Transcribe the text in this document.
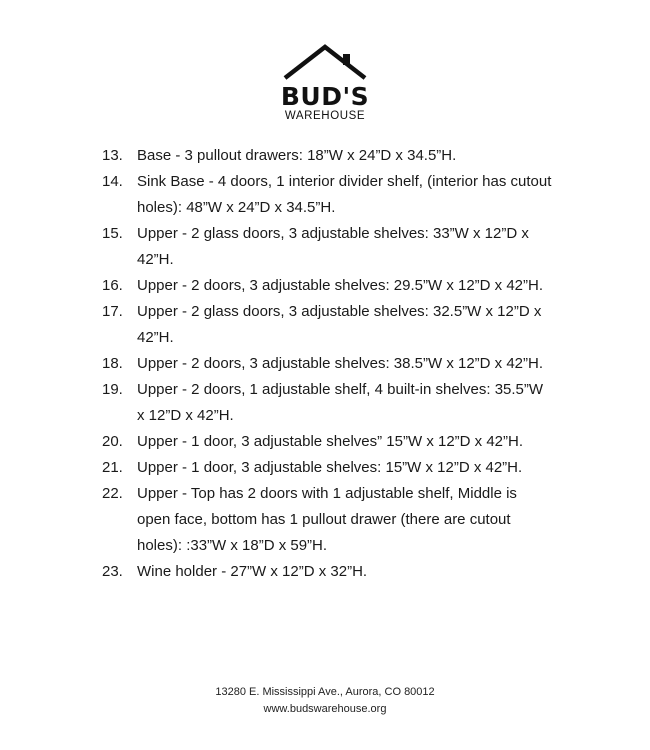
BUD'S
WAREHOUSE
13. Base - 3 pullout drawers: 18”W x 24”D x 34.5”H.
14. Sink Base - 4 doors, 1 interior divider shelf, (interior has cutout holes): 48”W x 24”D x 34.5”H.
15. Upper - 2 glass doors, 3 adjustable shelves: 33”W x 12”D x 42”H.
16. Upper - 2 doors, 3 adjustable shelves: 29.5”W x 12”D x 42”H.
17. Upper - 2 glass doors, 3 adjustable shelves: 32.5”W x 12”D x 42”H.
18. Upper - 2 doors, 3 adjustable shelves: 38.5”W x 12”D x 42”H.
19. Upper - 2 doors, 1 adjustable shelf, 4 built-in shelves: 35.5”W x 12”D x 42”H.
20. Upper - 1 door, 3 adjustable shelves” 15”W x 12”D x 42”H.
21. Upper - 1 door, 3 adjustable shelves: 15”W x 12”D x 42”H.
22. Upper - Top has 2 doors with 1 adjustable shelf, Middle is open face, bottom has 1 pullout drawer (there are cutout holes): :33”W x 18”D x 59”H.
23. Wine holder - 27”W x 12”D x 32”H.
13280 E. Mississippi Ave., Aurora, CO 80012
www.budswarehouse.org
